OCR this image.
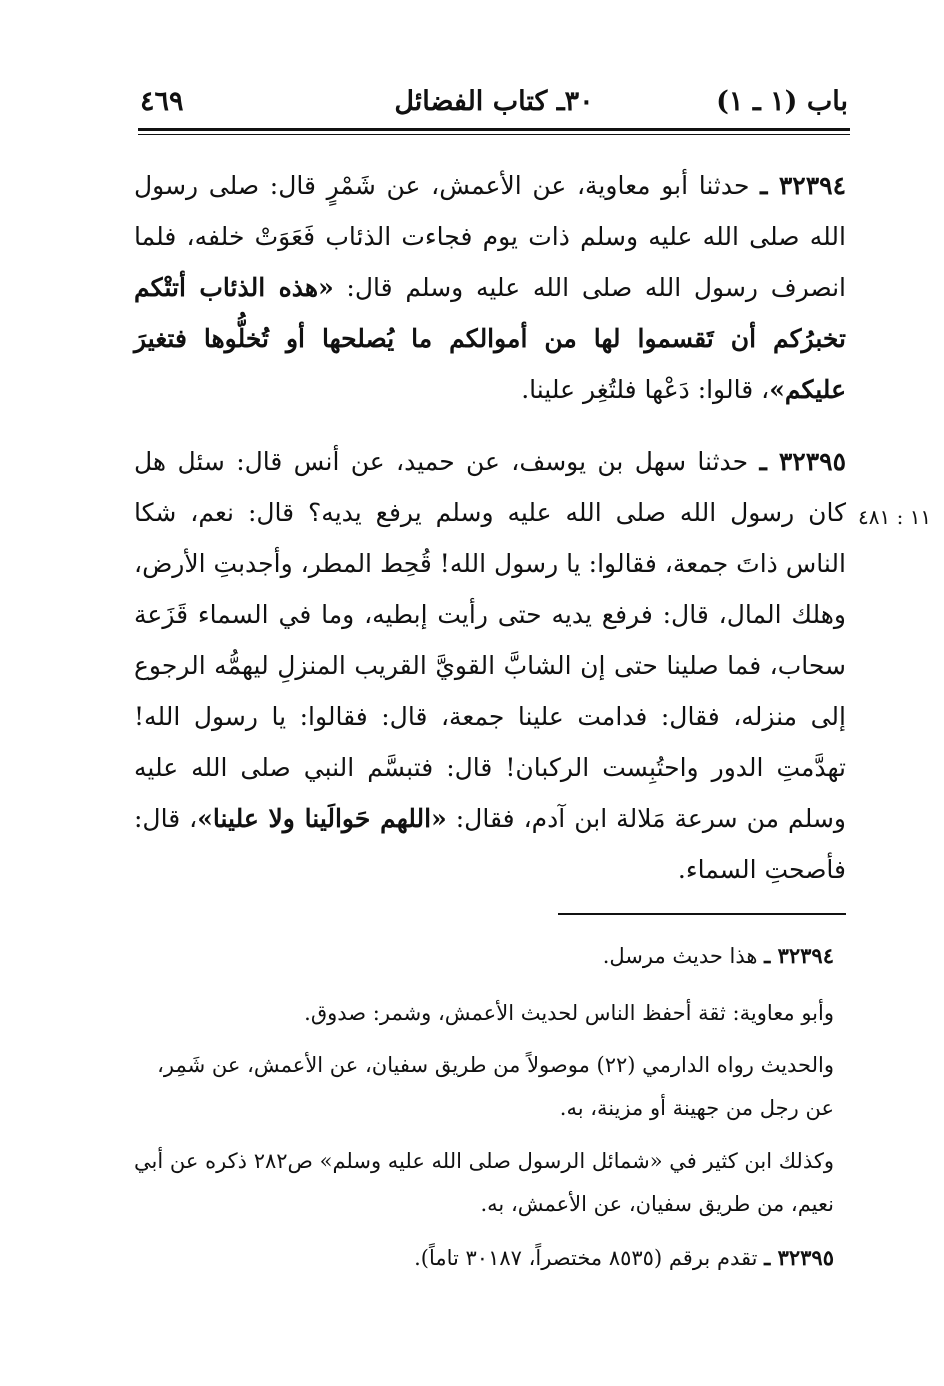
باب (١ ـ ١)
٣٠ـ كتاب الفضائل
٤٦٩
٣٢٣٩٤ ـ حدثنا أبو معاوية، عن الأعمش، عن شَمْرٍ قال: صلى رسول الله صلى الله عليه وسلم ذات يوم فجاءت الذئاب فَعَوَتْ خلفه، فلما انصرف رسول الله صلى الله عليه وسلم قال: «هذه الذئاب أتتْكم تخبرُكم أن تَقسموا لها من أموالكم ما يُصلحها أو تُخلُّوها فتغيرَ عليكم»، قالوا: دَعْها فلتُغِر علينا.
١١ : ٤٨١
٣٢٣٩٥ ـ حدثنا سهل بن يوسف، عن حميد، عن أنس قال: سئل هل كان رسول الله صلى الله عليه وسلم يرفع يديه؟ قال: نعم، شكا الناس ذاتَ جمعة، فقالوا: يا رسول الله! قُحِط المطر، وأجدبتِ الأرض، وهلك المال، قال: فرفع يديه حتى رأيت إبطيه، وما في السماء قَزَعة سحاب، فما صلينا حتى إن الشابَّ القويَّ القريب المنزلِ ليهمُّه الرجوع إلى منزله، فقال: فدامت علينا جمعة، قال: فقالوا: يا رسول الله! تهدَّمتِ الدور واحتُبِست الركبان! قال: فتبسَّم النبي صلى الله عليه وسلم من سرعة مَلالة ابن آدم، فقال: «اللهم حَوالَينا ولا علينا»، قال: فأصحتِ السماء.
٣٢٣٩٤ ـ هذا حديث مرسل.
وأبو معاوية: ثقة أحفظ الناس لحديث الأعمش، وشمر: صدوق.
والحديث رواه الدارمي (٢٢) موصولاً من طريق سفيان، عن الأعمش، عن شَمِر، عن رجل من جهينة أو مزينة، به.
وكذلك ابن كثير في «شمائل الرسول صلى الله عليه وسلم» ص٢٨٢ ذكره عن أبي نعيم، من طريق سفيان، عن الأعمش، به.
٣٢٣٩٥ ـ تقدم برقم (٨٥٣٥ مختصراً، ٣٠١٨٧ تاماً).
